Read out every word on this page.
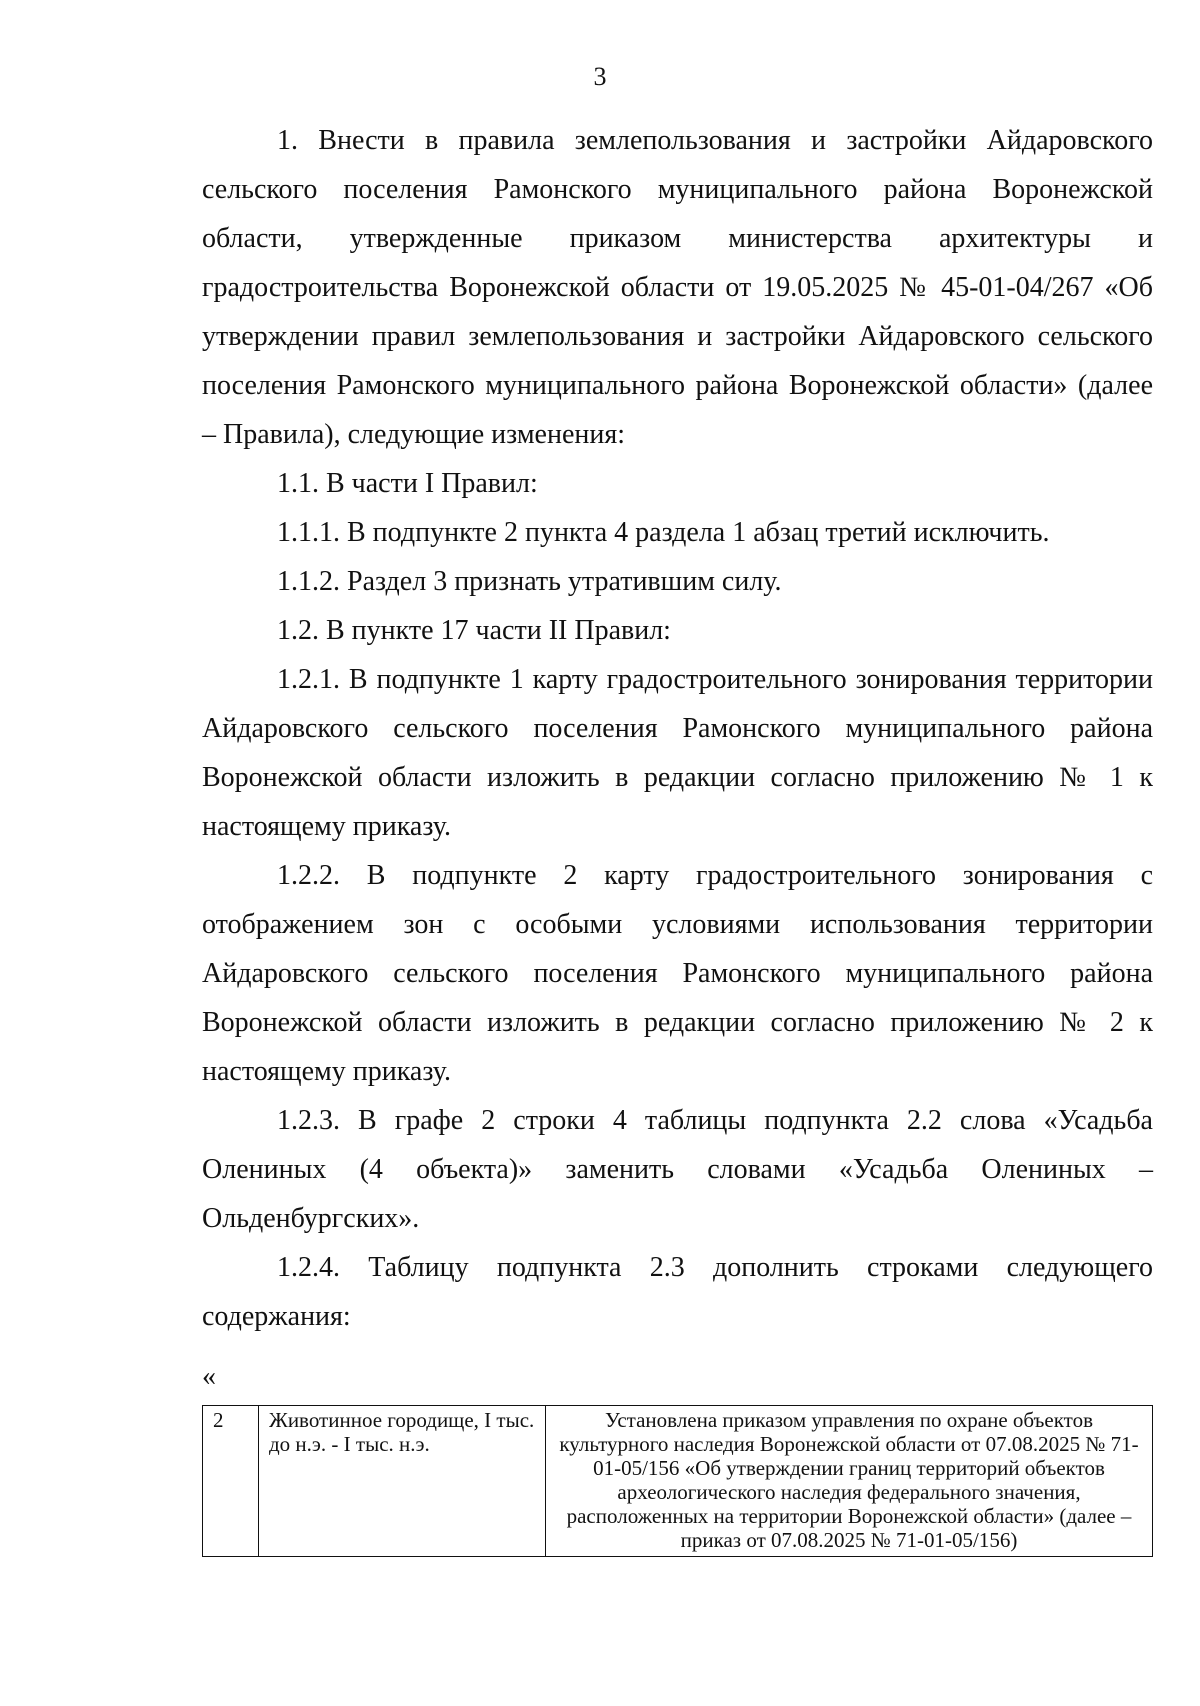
3

1. Внести в правила землепользования и застройки Айдаровского сельского поселения Рамонского муниципального района Воронежской области, утвержденные приказом министерства архитектуры и градостроительства Воронежской области от 19.05.2025 № 45-01-04/267 «Об утверждении правил землепользования и застройки Айдаровского сельского поселения Рамонского муниципального района Воронежской области» (далее – Правила), следующие изменения:

1.1. В части I Правил:

1.1.1. В подпункте 2 пункта 4 раздела 1 абзац третий исключить.

1.1.2. Раздел 3 признать утратившим силу.

1.2. В пункте 17 части II Правил:

1.2.1. В подпункте 1 карту градостроительного зонирования территории Айдаровского сельского поселения Рамонского муниципального района Воронежской области изложить в редакции согласно приложению № 1 к настоящему приказу.

1.2.2. В подпункте 2 карту градостроительного зонирования с отображением зон с особыми условиями использования территории Айдаровского сельского поселения Рамонского муниципального района Воронежской области изложить в редакции согласно приложению № 2 к настоящему приказу.

1.2.3. В графе 2 строки 4 таблицы подпункта 2.2 слова «Усадьба Олениных (4 объекта)» заменить словами «Усадьба Олениных – Ольденбургских».

1.2.4. Таблицу подпункта 2.3 дополнить строками следующего содержания:

«
2	Животинное городище, I тыс. до н.э. - I тыс. н.э.	Установлена приказом управления по охране объектов культурного наследия Воронежской области от 07.08.2025 № 71-01-05/156 «Об утверждении границ территорий объектов археологического наследия федерального значения, расположенных на территории Воронежской области» (далее – приказ от 07.08.2025 № 71-01-05/156)
